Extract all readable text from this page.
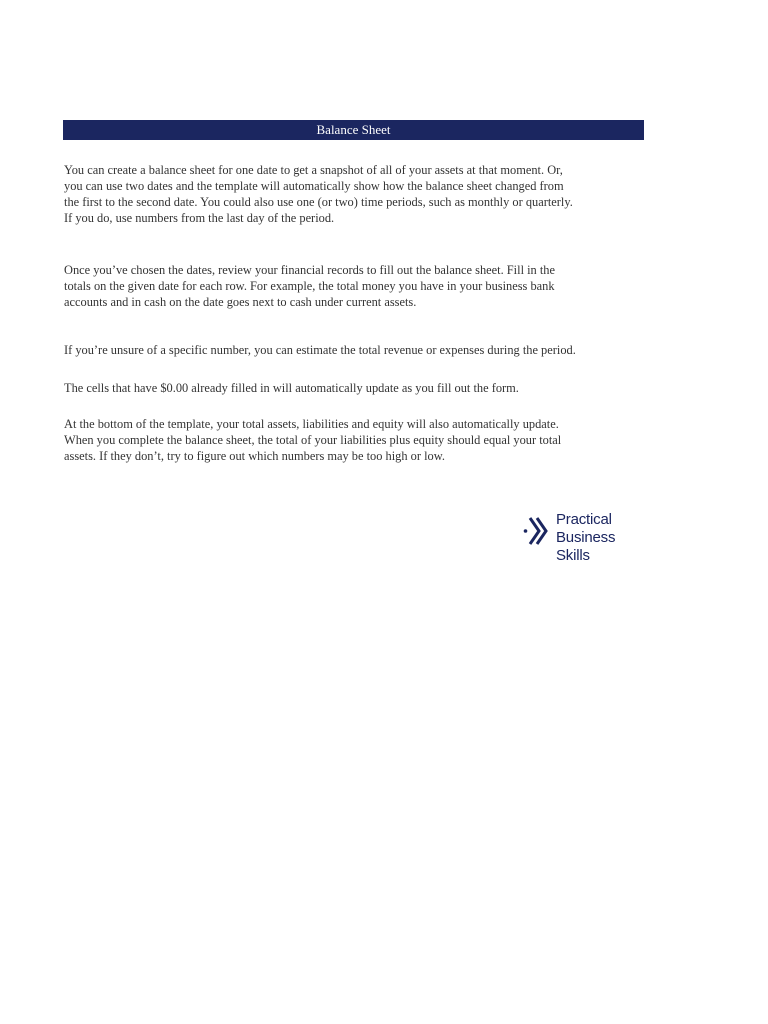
Balance Sheet

You can create a balance sheet for one date to get a snapshot of all of your assets at that moment. Or,
you can use two dates and the template will automatically show how the balance sheet changed from
the first to the second date. You could also use one (or two) time periods, such as monthly or quarterly.
If you do, use numbers from the last day of the period.

Once you’ve chosen the dates, review your financial records to fill out the balance sheet. Fill in the
totals on the given date for each row. For example, the total money you have in your business bank
accounts and in cash on the date goes next to cash under current assets.

If you’re unsure of a specific number, you can estimate the total revenue or expenses during the period.

The cells that have $0.00 already filled in will automatically update as you fill out the form.

At the bottom of the template, your total assets, liabilities and equity will also automatically update.
When you complete the balance sheet, the total of your liabilities plus equity should equal your total
assets. If they don’t, try to figure out which numbers may be too high or low.

Practical
Business Skills
